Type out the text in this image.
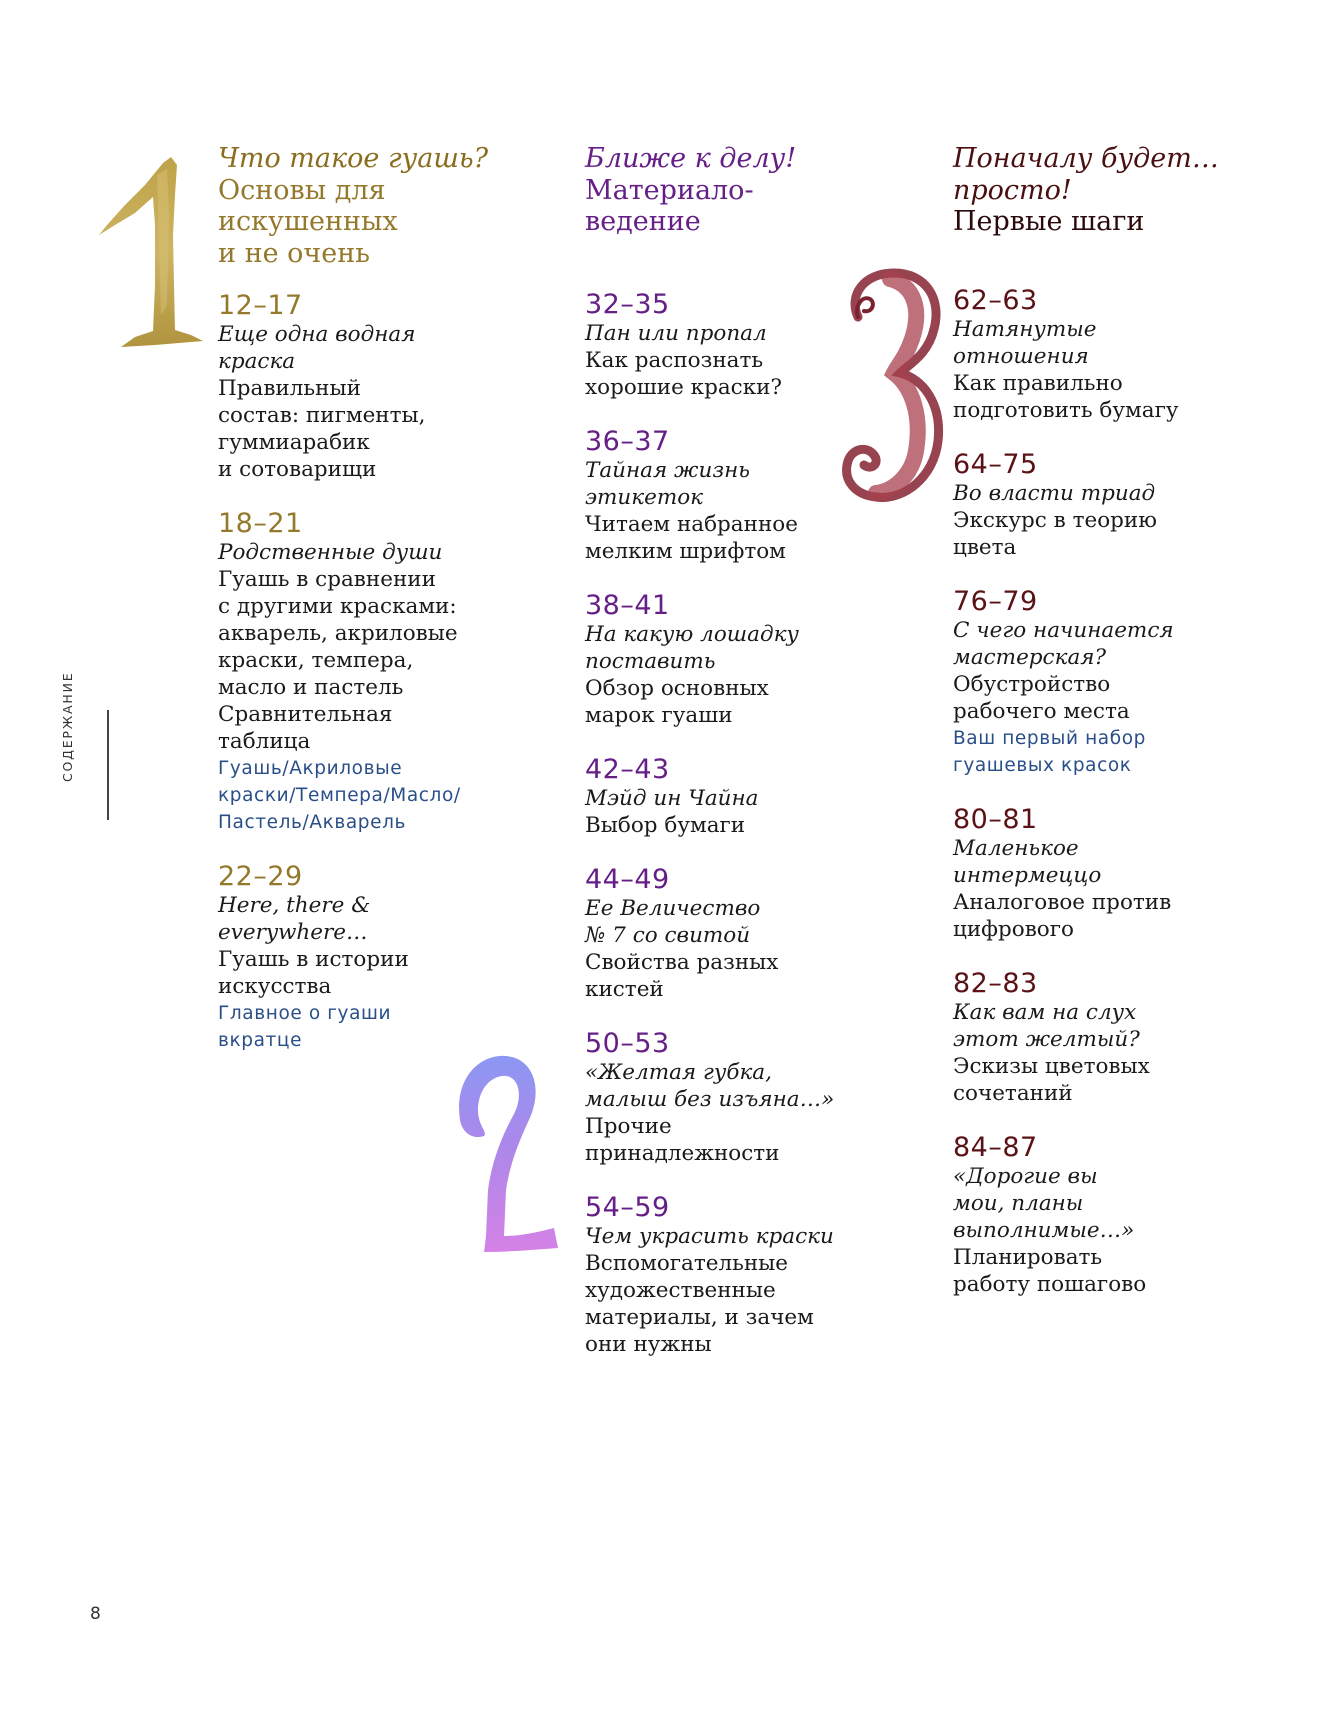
СОДЕРЖАНИЕ
Что такое гуашь?
Основы для
искушенных
и не очень
12–17
Еще одна водная
краска
Правильный
состав: пигменты,
гуммиарабик
и сотоварищи
18–21
Родственные души
Гуашь в сравнении
с другими красками:
акварель, акриловые
краски, темпера,
масло и пастель
Сравнительная
таблица
Гуашь/Акриловые
краски/Темпера/Масло/
Пастель/Акварель
22–29
Here, there &
everywhere…
Гуашь в истории
искусства
Главное о гуаши
вкратце
Ближе к делу!
Материало-
ведение
32–35
Пан или пропал
Как распознать
хорошие краски?
36–37
Тайная жизнь
этикеток
Читаем набранное
мелким шрифтом
38–41
На какую лошадку
поставить
Обзор основных
марок гуаши
42–43
Мэйд ин Чайна
Выбор бумаги
44–49
Ее Величество
№ 7 со свитой
Свойства разных
кистей
50–53
«Желтая губка,
малыш без изъяна…»
Прочие
принадлежности
54–59
Чем украсить краски
Вспомогательные
художественные
материалы, и зачем
они нужны
Поначалу будет…
просто!
Первые шаги
62–63
Натянутые
отношения
Как правильно
подготовить бумагу
64–75
Во власти триад
Экскурс в теорию
цвета
76–79
С чего начинается
мастерская?
Обустройство
рабочего места
Ваш первый набор
гуашевых красок
80–81
Маленькое
интермеццо
Аналоговое против
цифрового
82–83
Как вам на слух
этот желтый?
Эскизы цветовых
сочетаний
84–87
«Дорогие вы
мои, планы
выполнимые…»
Планировать
работу пошагово
8
